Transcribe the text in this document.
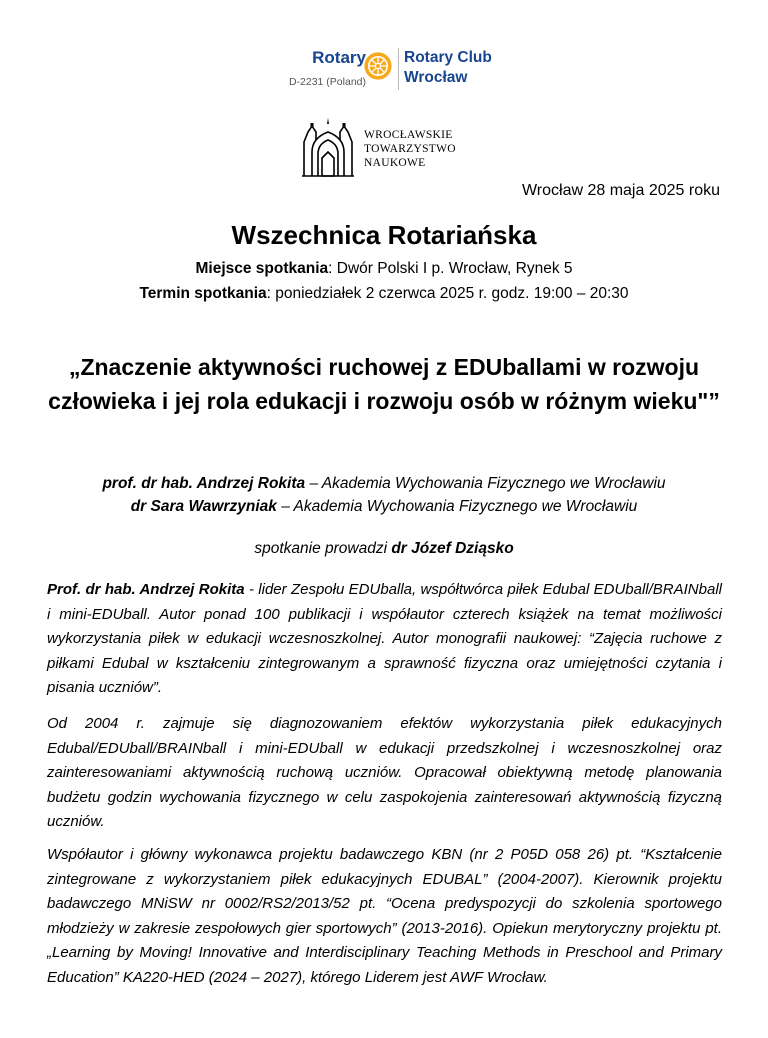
Rotary
D-2231 (Poland)
Rotary Club
Wrocław
WROCŁAWSKIE
TOWARZYSTWO
NAUKOWE
Wrocław 28 maja 2025 roku
Wszechnica Rotariańska
Miejsce spotkania: Dwór Polski I p. Wrocław, Rynek 5
Termin spotkania: poniedziałek 2 czerwca 2025 r. godz. 19:00 – 20:30
„Znaczenie aktywności ruchowej z EDUballami w rozwoju człowieka i jej rola edukacji i rozwoju osób w różnym wieku"”
prof. dr hab. Andrzej Rokita – Akademia Wychowania Fizycznego we Wrocławiu
dr Sara Wawrzyniak – Akademia Wychowania Fizycznego we Wrocławiu
spotkanie prowadzi dr Józef Dziąsko

Prof. dr hab. Andrzej Rokita - lider Zespołu EDUballa, współtwórca piłek Edubal EDUball/BRAINball i mini-EDUball. Autor ponad 100 publikacji i współautor czterech książek na temat możliwości wykorzystania piłek w edukacji wczesnoszkolnej. Autor monografii naukowej: “Zajęcia ruchowe z piłkami Edubal w kształceniu zintegrowanym a sprawność fizyczna oraz umiejętności czytania i pisania uczniów”.

Od 2004 r. zajmuje się diagnozowaniem efektów wykorzystania piłek edukacyjnych Edubal/EDUball/BRAINball i mini-EDUball w edukacji przedszkolnej i wczesnoszkolnej oraz zainteresowaniami aktywnością ruchową uczniów. Opracował obiektywną metodę planowania budżetu godzin wychowania fizycznego w celu zaspokojenia zainteresowań aktywnością fizyczną uczniów.

Współautor i główny wykonawca projektu badawczego KBN (nr 2 P05D 058 26) pt. “Kształcenie zintegrowane z wykorzystaniem piłek edukacyjnych EDUBAL” (2004-2007). Kierownik projektu badawczego MNiSW nr 0002/RS2/2013/52 pt. “Ocena predyspozycji do szkolenia sportowego młodzieży w zakresie zespołowych gier sportowych” (2013-2016). Opiekun merytoryczny projektu pt. „Learning by Moving! Innovative and Interdisciplinary Teaching Methods in Preschool and Primary Education” KA220-HED (2024 – 2027), którego Liderem jest AWF Wrocław.
